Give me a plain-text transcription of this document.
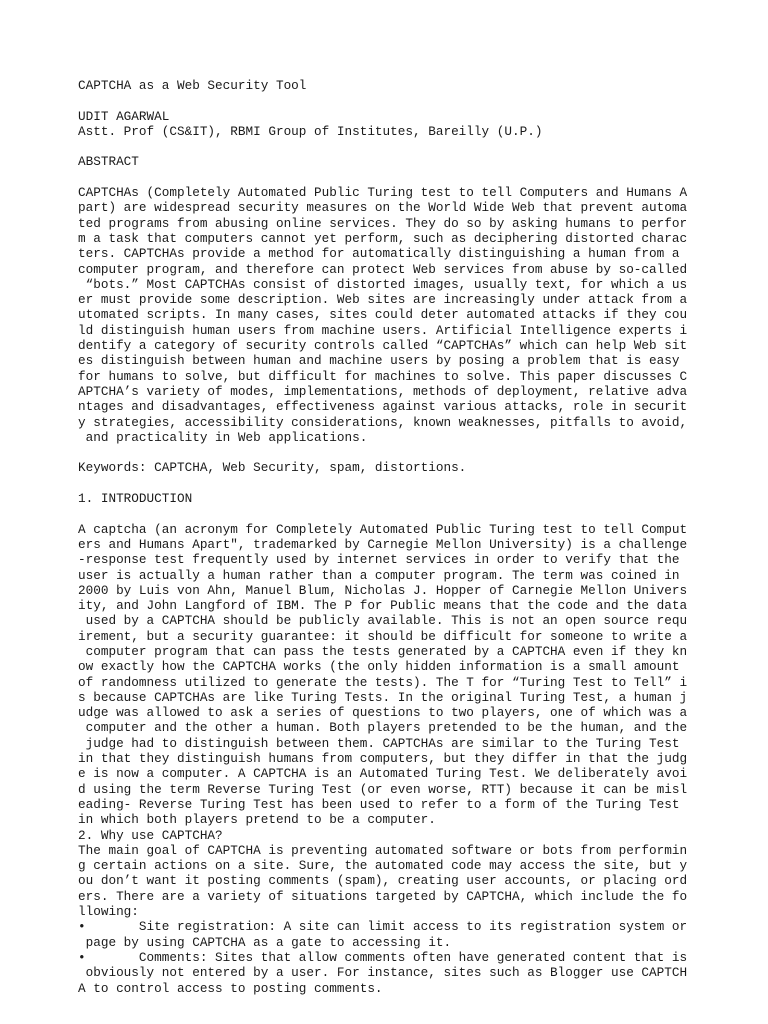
CAPTCHA as a Web Security Tool
UDIT AGARWAL
Astt. Prof (CS&IT), RBMI Group of Institutes, Bareilly (U.P.)
ABSTRACT
CAPTCHAs (Completely Automated Public Turing test to tell Computers and Humans A
part) are widespread security measures on the World Wide Web that prevent automa
ted programs from abusing online services. They do so by asking humans to perfor
m a task that computers cannot yet perform, such as deciphering distorted charac
ters. CAPTCHAs provide a method for automatically distinguishing a human from a
computer program, and therefore can protect Web services from abuse by so-called
“bots.” Most CAPTCHAs consist of distorted images, usually text, for which a us
er must provide some description. Web sites are increasingly under attack from a
utomated scripts. In many cases, sites could deter automated attacks if they cou
ld distinguish human users from machine users. Artificial Intelligence experts i
dentify a category of security controls called “CAPTCHAs” which can help Web sit
es distinguish between human and machine users by posing a problem that is easy
for humans to solve, but difficult for machines to solve. This paper discusses C
APTCHA’s variety of modes, implementations, methods of deployment, relative adva
ntages and disadvantages, effectiveness against various attacks, role in securit
y strategies, accessibility considerations, known weaknesses, pitfalls to avoid,
and practicality in Web applications.
Keywords: CAPTCHA, Web Security, spam, distortions.
1. INTRODUCTION
A captcha (an acronym for Completely Automated Public Turing test to tell Comput
ers and Humans Apart", trademarked by Carnegie Mellon University) is a challenge
-response test frequently used by internet services in order to verify that the
user is actually a human rather than a computer program. The term was coined in
2000 by Luis von Ahn, Manuel Blum, Nicholas J. Hopper of Carnegie Mellon Univers
ity, and John Langford of IBM. The P for Public means that the code and the data
used by a CAPTCHA should be publicly available. This is not an open source requ
irement, but a security guarantee: it should be difficult for someone to write a
computer program that can pass the tests generated by a CAPTCHA even if they kn
ow exactly how the CAPTCHA works (the only hidden information is a small amount
of randomness utilized to generate the tests). The T for “Turing Test to Tell” i
s because CAPTCHAs are like Turing Tests. In the original Turing Test, a human j
udge was allowed to ask a series of questions to two players, one of which was a
computer and the other a human. Both players pretended to be the human, and the
judge had to distinguish between them. CAPTCHAs are similar to the Turing Test
in that they distinguish humans from computers, but they differ in that the judg
e is now a computer. A CAPTCHA is an Automated Turing Test. We deliberately avoi
d using the term Reverse Turing Test (or even worse, RTT) because it can be misl
eading- Reverse Turing Test has been used to refer to a form of the Turing Test
in which both players pretend to be a computer.
2. Why use CAPTCHA?
The main goal of CAPTCHA is preventing automated software or bots from performin
g certain actions on a site. Sure, the automated code may access the site, but y
ou don’t want it posting comments (spam), creating user accounts, or placing ord
ers. There are a variety of situations targeted by CAPTCHA, which include the fo
llowing:
•       Site registration: A site can limit access to its registration system or
page by using CAPTCHA as a gate to accessing it.
•       Comments: Sites that allow comments often have generated content that is
obviously not entered by a user. For instance, sites such as Blogger use CAPTCH
A to control access to posting comments.
